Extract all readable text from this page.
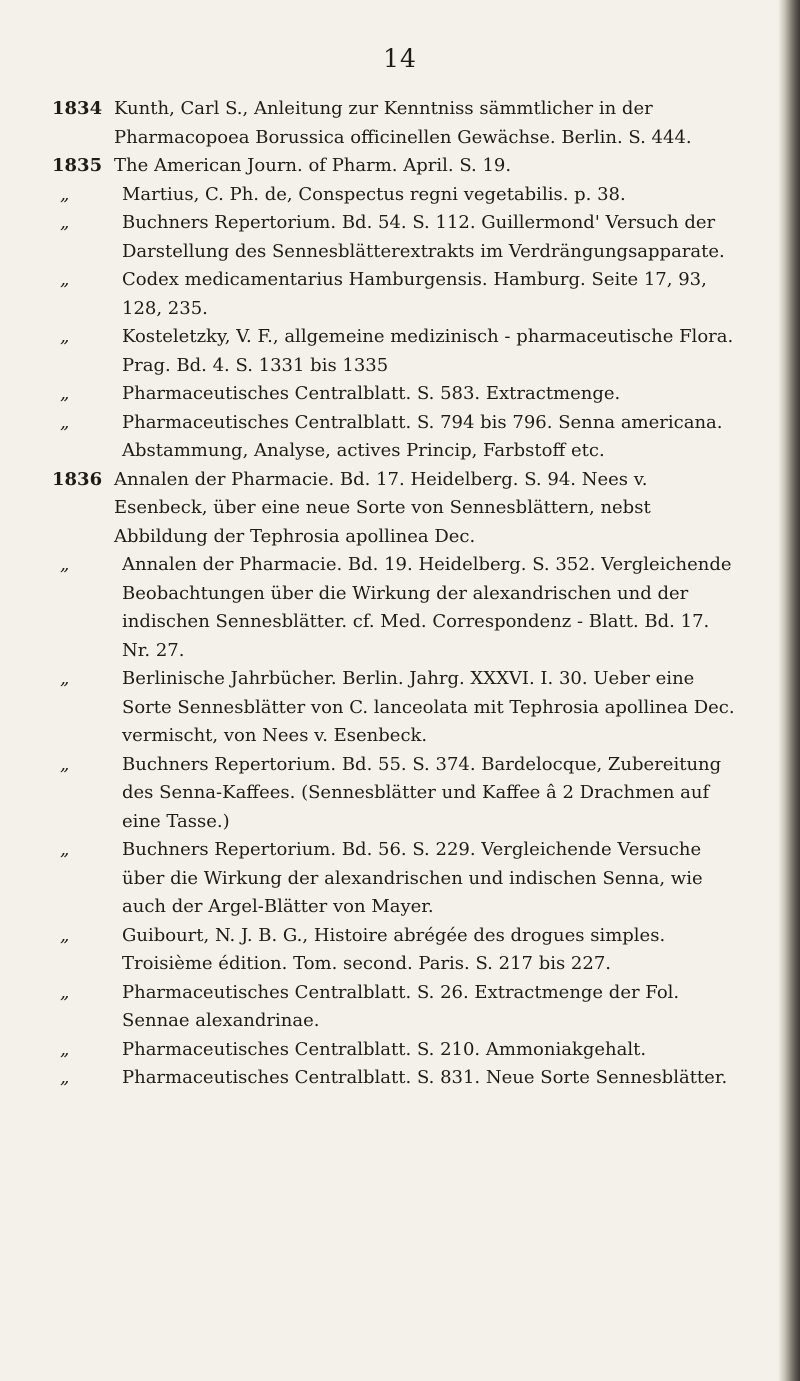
14
1834 Kunth, Carl S., Anleitung zur Kenntniss sämmtlicher in der Pharmacopoea Borussica officinellen Gewächse. Berlin. S. 444.
1835 The American Journ. of Pharm. April. S. 19.
„	Martius, C. Ph. de, Conspectus regni vegetabilis. p. 38.
„	Buchners Repertorium. Bd. 54. S. 112. Guillermond' Versuch der Darstellung des Sennesblätterextrakts im Verdrängungsapparate.
„	Codex medicamentarius Hamburgensis. Hamburg. Seite 17, 93, 128, 235.
„	Kosteletzky, V. F., allgemeine medizinisch - pharmaceutische Flora. Prag. Bd. 4. S. 1331 bis 1335
„	Pharmaceutisches Centralblatt. S. 583. Extractmenge.
„	Pharmaceutisches Centralblatt. S. 794 bis 796. Senna americana. Abstammung, Analyse, actives Princip, Farbstoff etc.
1836 Annalen der Pharmacie. Bd. 17. Heidelberg. S. 94. Nees v. Esenbeck, über eine neue Sorte von Sennesblättern, nebst Abbildung der Tephrosia apollinea Dec.
„	Annalen der Pharmacie. Bd. 19. Heidelberg. S. 352. Vergleichende Beobachtungen über die Wirkung der alexandrischen und der indischen Sennesblätter. cf. Med. Correspondenz - Blatt. Bd. 17. Nr. 27.
„	Berlinische Jahrbücher. Berlin. Jahrg. XXXVI. I. 30. Ueber eine Sorte Sennesblätter von C. lanceolata mit Tephrosia apollinea Dec. vermischt, von Nees v. Esenbeck.
„	Buchners Repertorium. Bd. 55. S. 374. Bardelocque, Zubereitung des Senna-Kaffees. (Sennesblätter und Kaffee â 2 Drachmen auf eine Tasse.)
„	Buchners Repertorium. Bd. 56. S. 229. Vergleichende Versuche über die Wirkung der alexandrischen und indischen Senna, wie auch der Argel-Blätter von Mayer.
„	Guibourt, N. J. B. G., Histoire abrégée des drogues simples. Troisième édition. Tom. second. Paris. S. 217 bis 227.
„	Pharmaceutisches Centralblatt. S. 26. Extractmenge der Fol. Sennae alexandrinae.
„	Pharmaceutisches Centralblatt. S. 210. Ammoniakgehalt.
„	Pharmaceutisches Centralblatt. S. 831. Neue Sorte Sennesblätter.
